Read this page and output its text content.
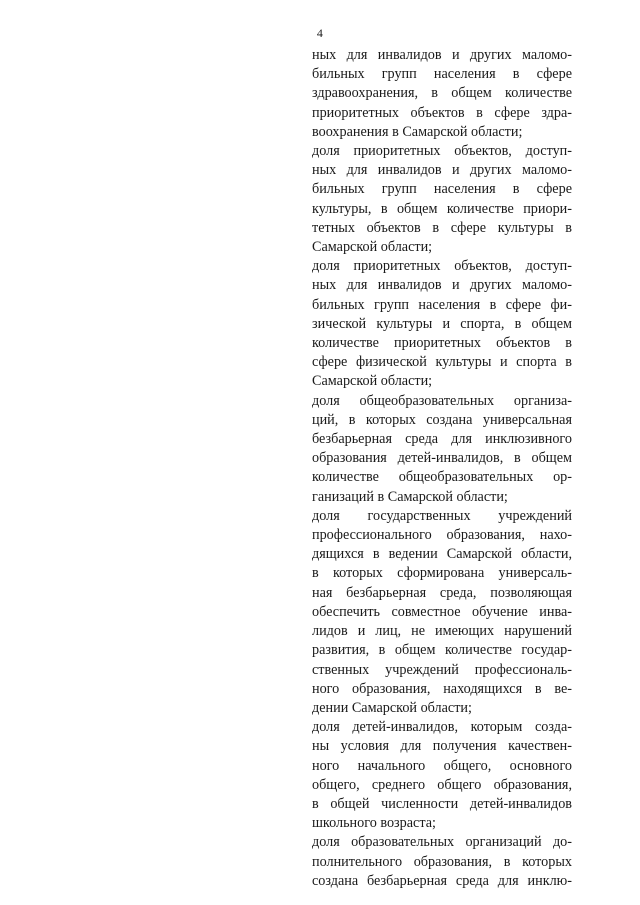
4
ных для инвалидов и других маломо-
бильных групп населения в сфере
здравоохранения, в общем количестве
приоритетных объектов в сфере здра-
воохранения в Самарской области;
доля приоритетных объектов, доступ-
ных для инвалидов и других маломо-
бильных групп населения в сфере
культуры, в общем количестве приори-
тетных объектов в сфере культуры в
Самарской области;
доля приоритетных объектов, доступ-
ных для инвалидов и других маломо-
бильных групп населения в сфере фи-
зической культуры и спорта, в общем
количестве приоритетных объектов в
сфере физической культуры и спорта в
Самарской области;
доля общеобразовательных организа-
ций, в которых создана универсальная
безбарьерная среда для инклюзивного
образования детей-инвалидов, в общем
количестве общеобразовательных ор-
ганизаций в Самарской области;
доля государственных учреждений
профессионального образования, нахо-
дящихся в ведении Самарской области,
в которых сформирована универсаль-
ная безбарьерная среда, позволяющая
обеспечить совместное обучение инва-
лидов и лиц, не имеющих нарушений
развития, в общем количестве государ-
ственных учреждений профессиональ-
ного образования, находящихся в ве-
дении Самарской области;
доля детей-инвалидов, которым созда-
ны условия для получения качествен-
ного начального общего, основного
общего, среднего общего образования,
в общей численности детей-инвалидов
школьного возраста;
доля образовательных организаций до-
полнительного образования, в которых
создана безбарьерная среда для инклю-
